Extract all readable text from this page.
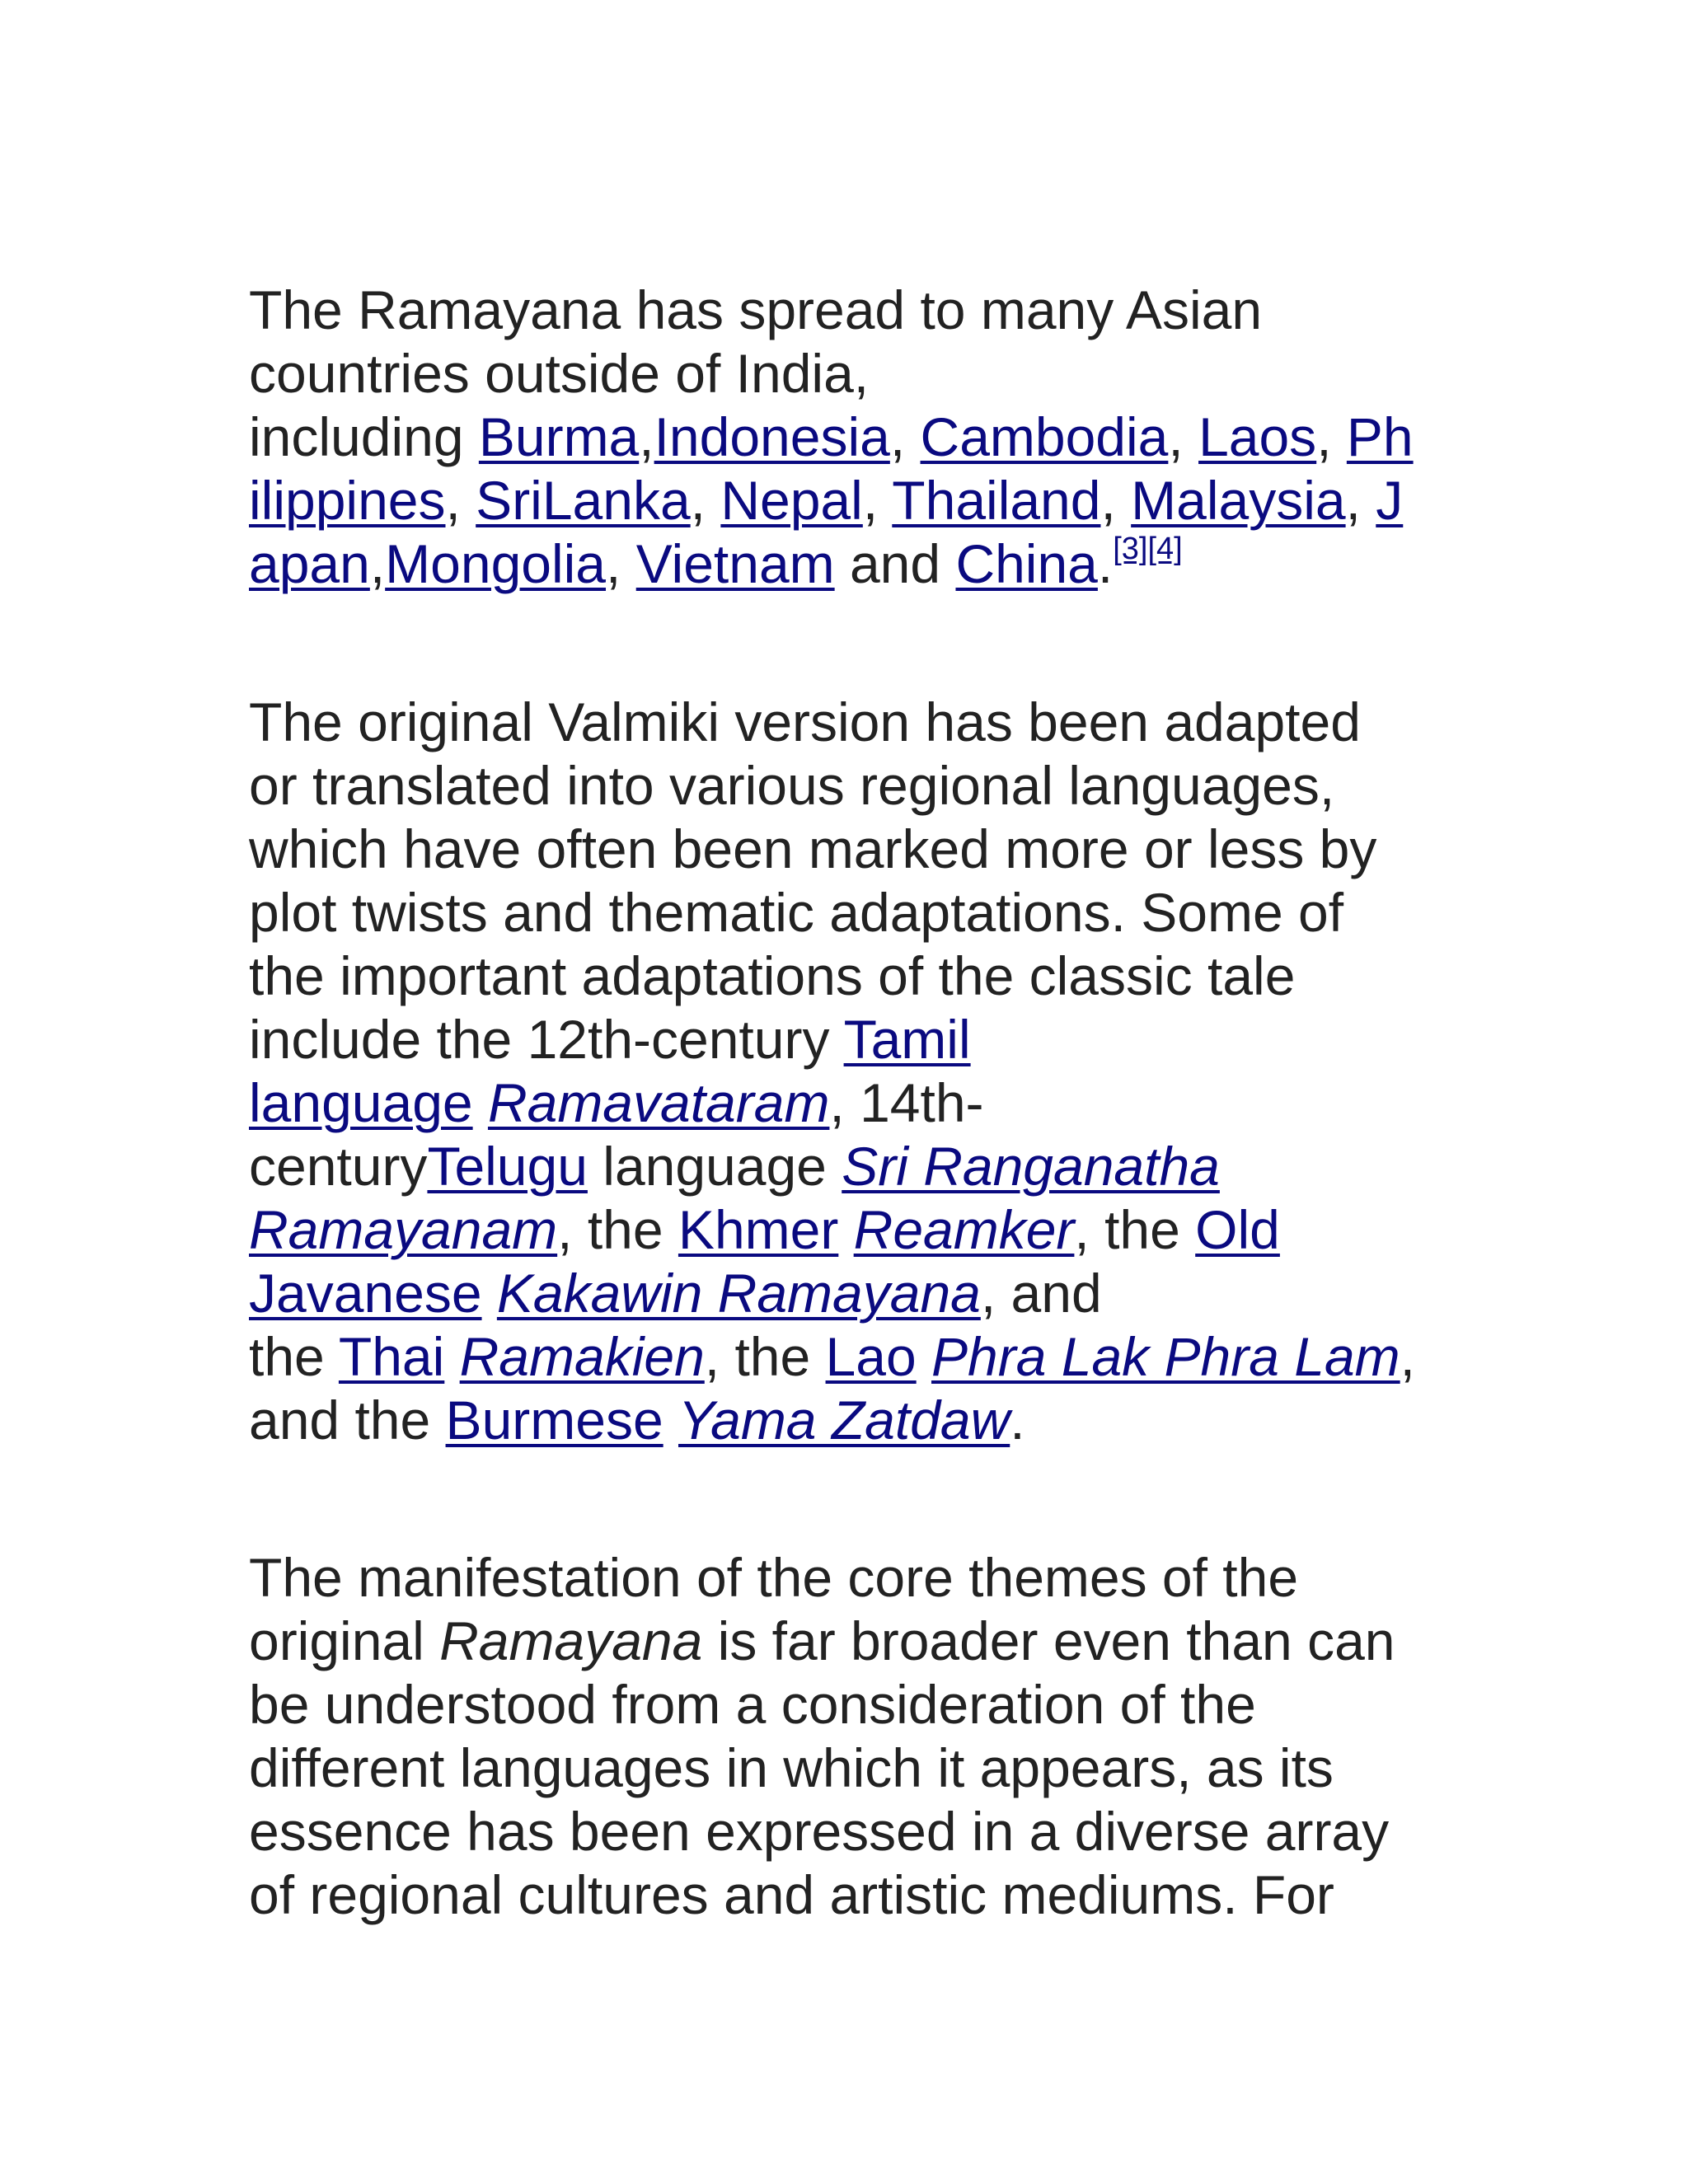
The Ramayana has spread to many Asian
countries outside of India,
including Burma,Indonesia, Cambodia, Laos, Ph
ilippines, SriLanka, Nepal, Thailand, Malaysia, J
apan,Mongolia, Vietnam and China.[3][4]
The original Valmiki version has been adapted
or translated into various regional languages,
which have often been marked more or less by
plot twists and thematic adaptations. Some of
the important adaptations of the classic tale
include the 12th-century Tamil
language Ramavataram, 14th-
centuryTelugu language Sri Ranganatha
Ramayanam, the Khmer Reamker, the Old
Javanese Kakawin Ramayana, and
the Thai Ramakien, the Lao Phra Lak Phra Lam,
and the Burmese Yama Zatdaw.
The manifestation of the core themes of the
original Ramayana is far broader even than can
be understood from a consideration of the
different languages in which it appears, as its
essence has been expressed in a diverse array
of regional cultures and artistic mediums. For
